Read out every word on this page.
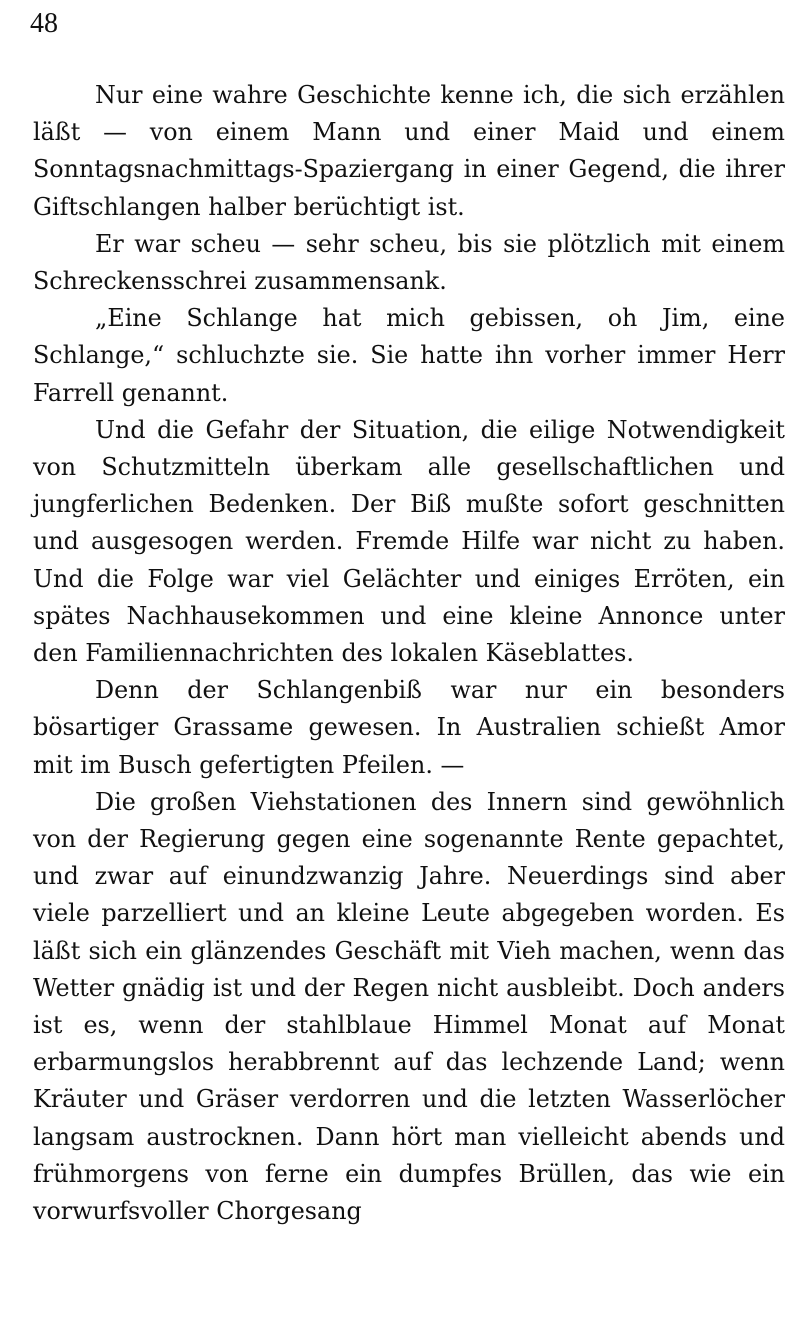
48

Nur eine wahre Geschichte kenne ich, die sich erzählen läßt — von einem Mann und einer Maid und einem Sonntagsnachmittags-Spaziergang in einer Gegend, die ihrer Giftschlangen halber berüchtigt ist.

Er war scheu — sehr scheu, bis sie plötzlich mit einem Schreckensschrei zusammensank.

„Eine Schlange hat mich gebissen, oh Jim, eine Schlange,“ schluchzte sie. Sie hatte ihn vorher immer Herr Farrell genannt.

Und die Gefahr der Situation, die eilige Notwendigkeit von Schutzmitteln überkam alle gesellschaftlichen und jungferlichen Bedenken. Der Biß mußte sofort geschnitten und ausgesogen werden. Fremde Hilfe war nicht zu haben. Und die Folge war viel Gelächter und einiges Erröten, ein spätes Nachhausekommen und eine kleine Annonce unter den Familiennachrichten des lokalen Käseblattes.

Denn der Schlangenbiß war nur ein besonders bösartiger Grassame gewesen. In Australien schießt Amor mit im Busch gefertigten Pfeilen. —

Die großen Viehstationen des Innern sind gewöhnlich von der Regierung gegen eine sogenannte Rente gepachtet, und zwar auf einundzwanzig Jahre. Neuerdings sind aber viele parzelliert und an kleine Leute abgegeben worden. Es läßt sich ein glänzendes Geschäft mit Vieh machen, wenn das Wetter gnädig ist und der Regen nicht ausbleibt. Doch anders ist es, wenn der stahlblaue Himmel Monat auf Monat erbarmungslos herabbrennt auf das lechzende Land; wenn Kräuter und Gräser verdorren und die letzten Wasserlöcher langsam austrocknen. Dann hört man vielleicht abends und frühmorgens von ferne ein dumpfes Brüllen, das wie ein vorwurfsvoller Chorgesang
